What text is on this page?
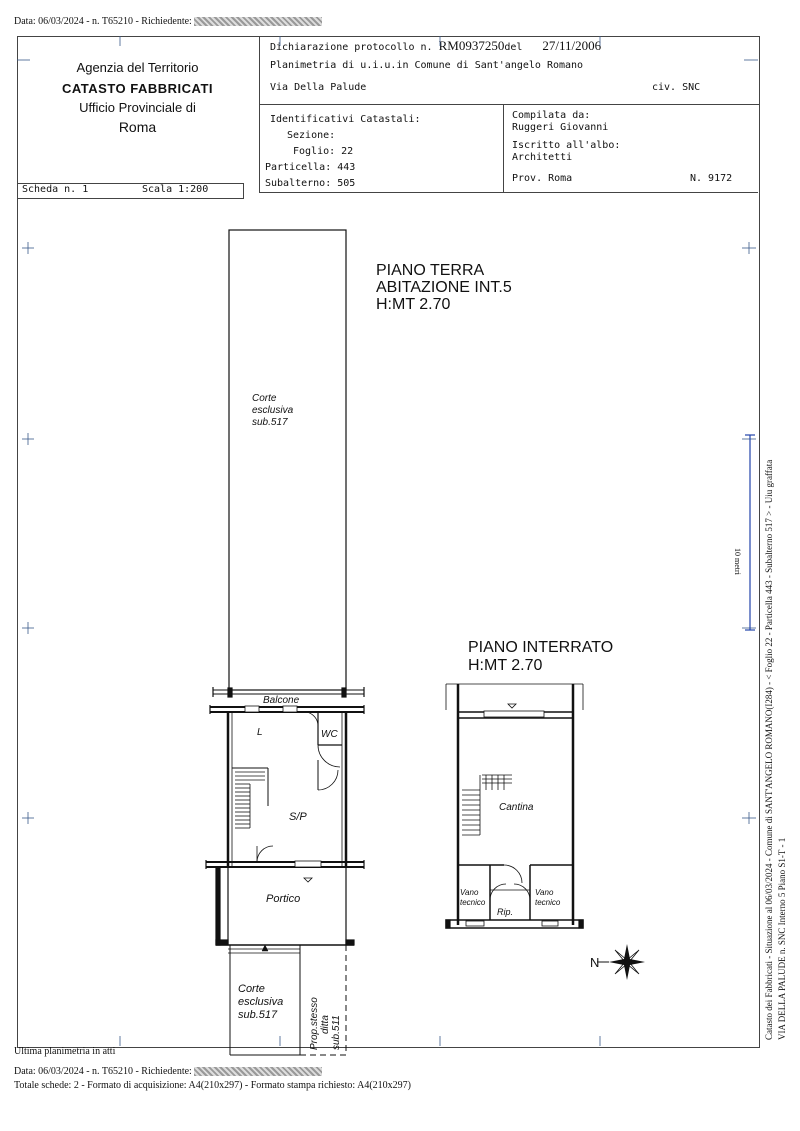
Data: 06/03/2024 - n. T65210 - Richiedente:
Agenzia del Territorio
CATASTO FABBRICATI
Ufficio Provinciale di
Roma
Dichiarazione protocollo n. RM0937250del 27/11/2006
Planimetria di u.i.u.in Comune di Sant'angelo Romano
Via Della Palude	civ. SNC
Identificativi Catastali:
Sezione:
Foglio: 22
Particella: 443
Subalterno: 505
Compilata da:
Ruggeri Giovanni
Iscritto all'albo:
Architetti
Prov. Roma	N. 9172
Scheda n. 1	Scala 1:200
PIANO TERRA
ABITAZIONE INT.5
H:MT 2.70
PIANO INTERRATO
H:MT 2.70
Corte
esclusiva
sub.517
Balcone
L	WC
S/P
Portico
Corte
esclusiva
sub.517	Prop.stesso ditta sub.511
Cantina
Vano
tecnico
Vano
tecnico
Rip.
N
10 metri Catasto dei Fabbricati - Situazione al 06/03/2024 - Comune di SANT'ANGELO ROMANO(I284) - < Foglio 22 - Particella 443 - Subalterno 517 > - Uiu graffata VIA DELLA PALUDE n. SNC Interno 5 Piano S1-T - 1
Ultima planimetria in atti
Data: 06/03/2024 - n. T65210 - Richiedente:
Totale schede: 2 - Formato di acquisizione: A4(210x297) - Formato stampa richiesto: A4(210x297)
